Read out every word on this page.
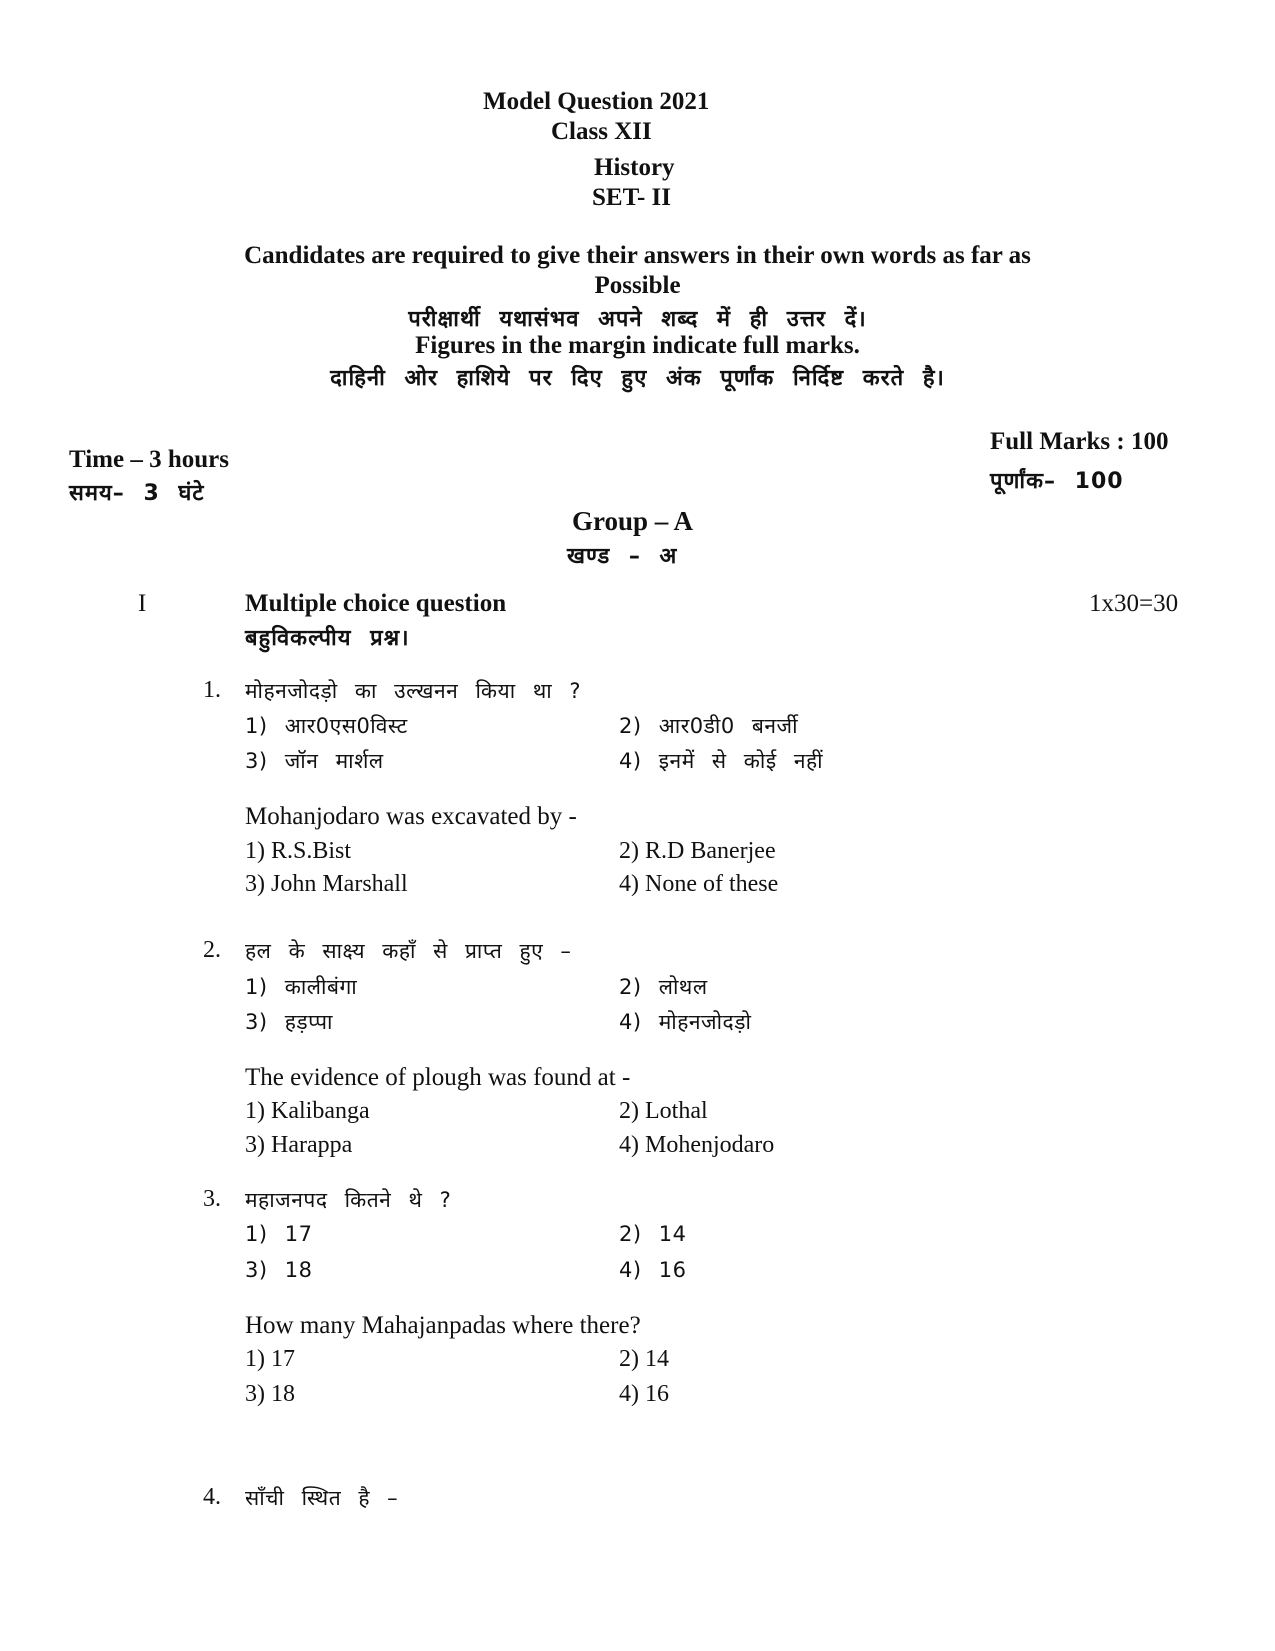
Model Question 2021
Class XII
History
SET- II
Candidates are required to give their answers in their own words as far as
Possible
परीक्षार्थी यथासंभव अपने शब्द में ही उत्तर दें।
Figures in the margin indicate full marks.
दाहिनी ओर हाशिये पर दिए हुए अंक पूर्णांक निर्दिष्ट करते है।
Time – 3 hours
समय– 3 घंटे
Full Marks : 100
पूर्णांक– 100
Group – A
खण्ड – अ
I	Multiple choice question
बहुविकल्पीय प्रश्न।
1x30=30
1. मोहनजोदड़ो का उल्खनन किया था ?
1) आर0एस0विस्ट	2) आर0डी0 बनर्जी
3) जॉन मार्शल	4) इनमें से कोई नहीं
Mohanjodaro was excavated by -
1) R.S.Bist	2) R.D Banerjee
3) John Marshall	4) None of these
2. हल के साक्ष्य कहाँ से प्राप्त हुए –
1) कालीबंगा	2) लोथल
3) हड़प्पा	4) मोहनजोदड़ो
The evidence of plough was found at -
1) Kalibanga	2) Lothal
3) Harappa	4) Mohenjodaro
3. महाजनपद कितने थे ?
1) 17	2) 14
3) 18	4) 16
How many Mahajanpadas where there?
1) 17	2) 14
3) 18	4) 16
4. साँची स्थित है –
